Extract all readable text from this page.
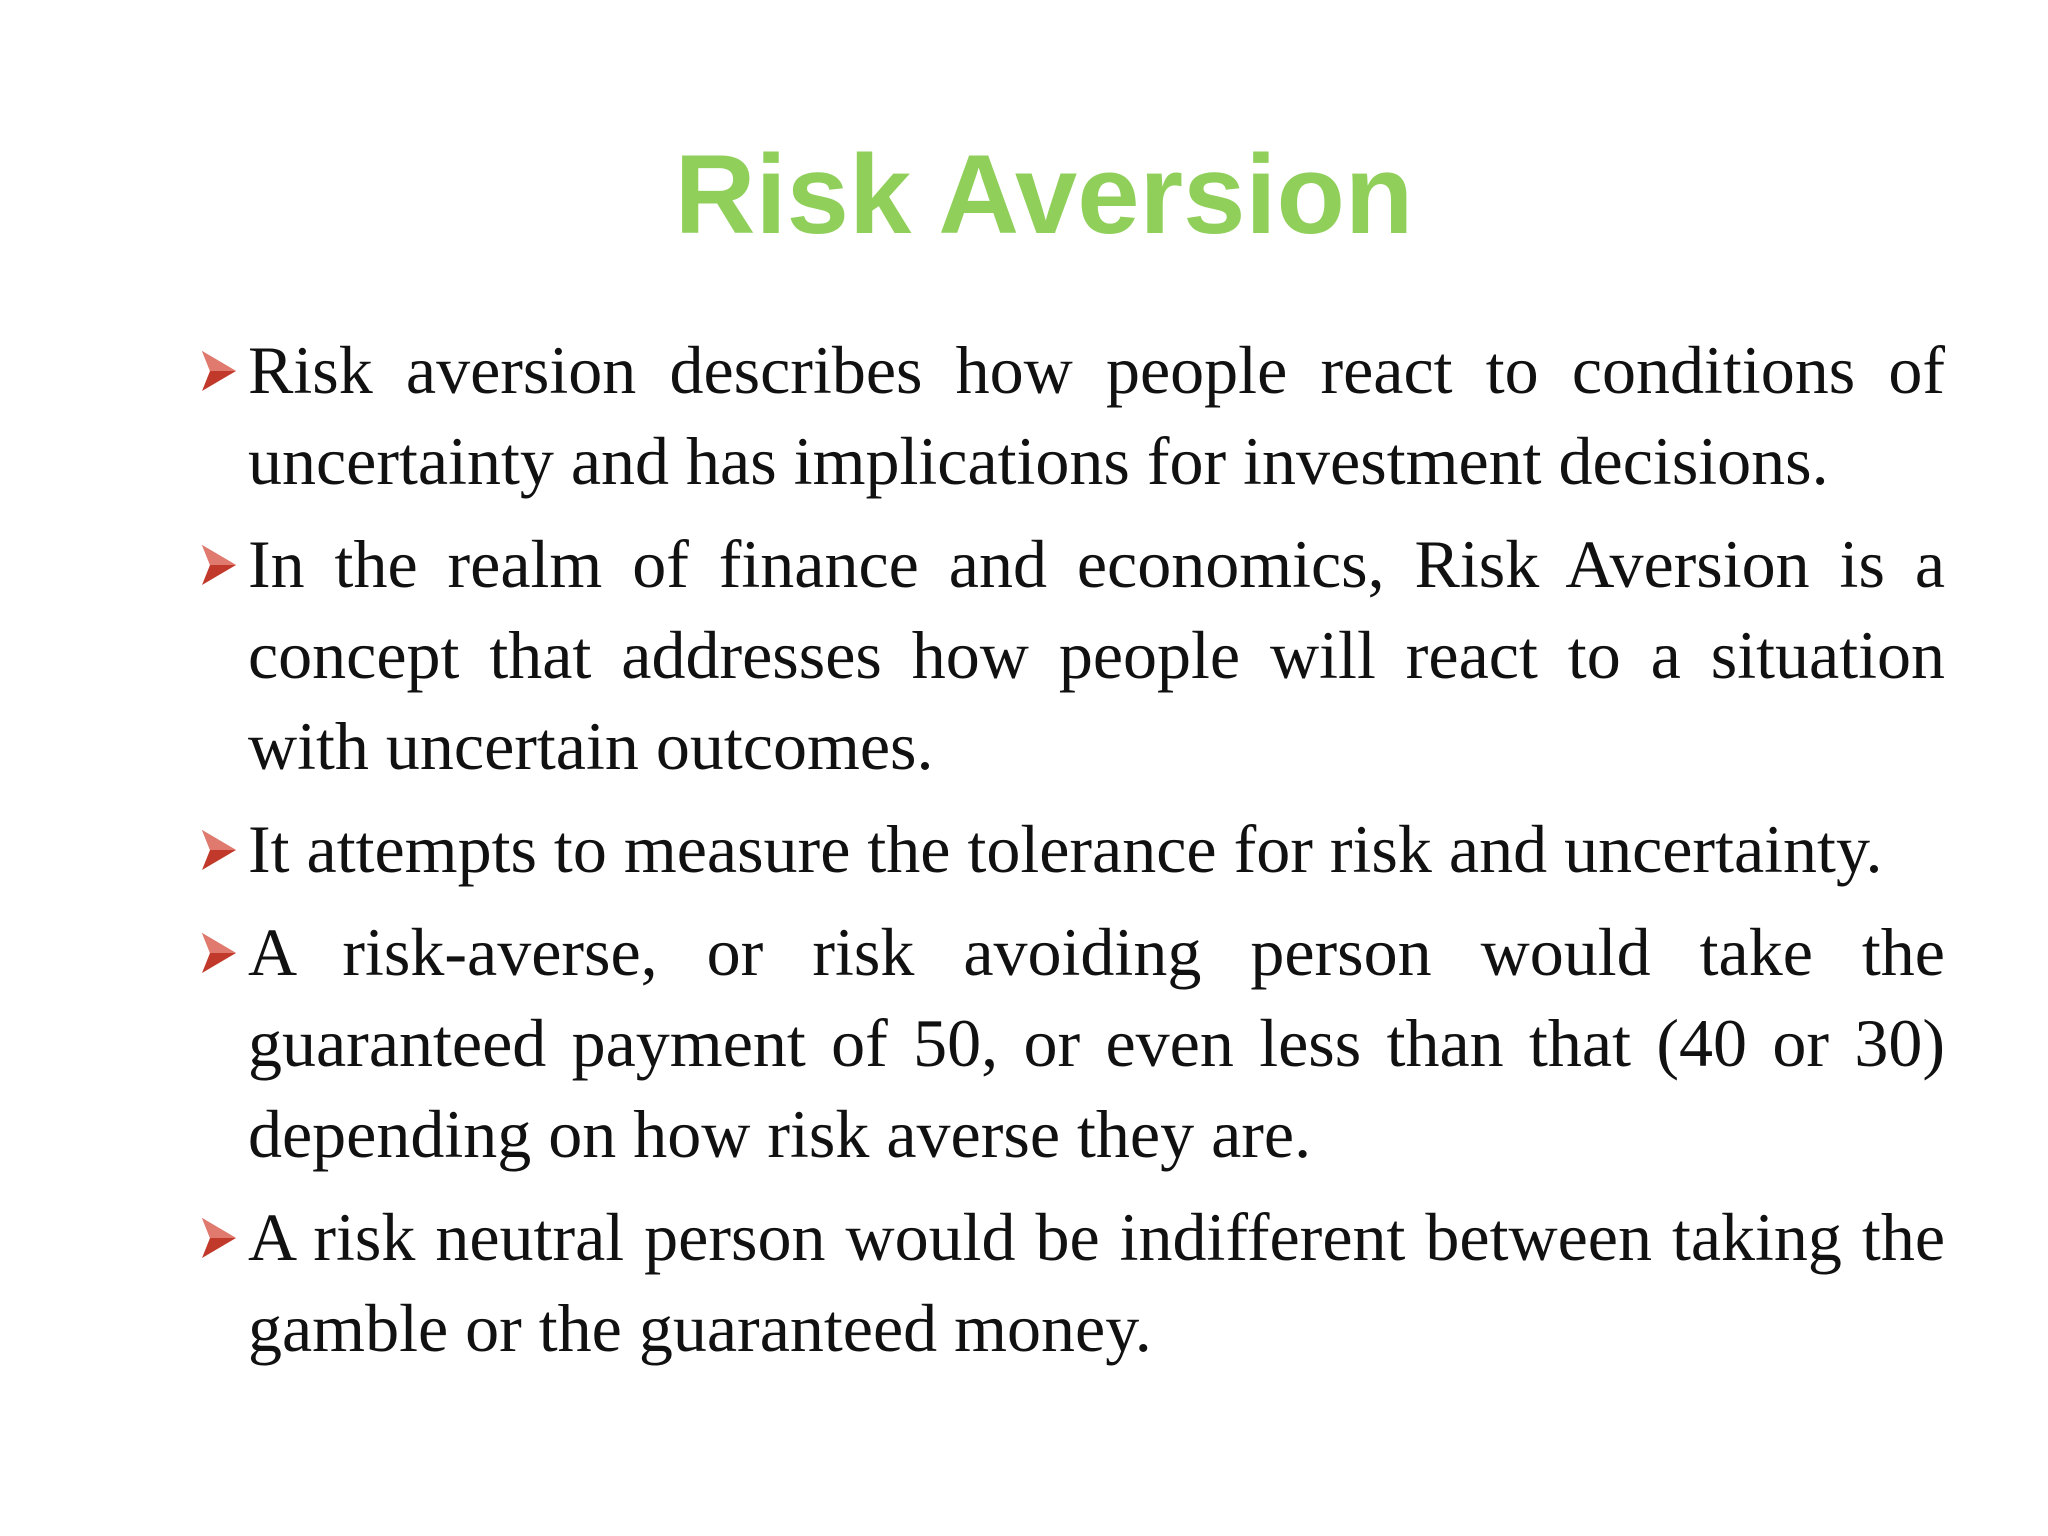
Risk Aversion
Risk aversion describes how people react to conditions of uncertainty and has implications for investment decisions.
In the realm of finance and economics, Risk Aversion is a concept that addresses how people will react to a situation with uncertain outcomes.
It attempts to measure the tolerance for risk and uncertainty.
A risk-averse, or risk avoiding person would take the guaranteed payment of 50, or even less than that (40 or 30) depending on how risk averse they are.
A risk neutral person would be indifferent between taking the gamble or the guaranteed money.
